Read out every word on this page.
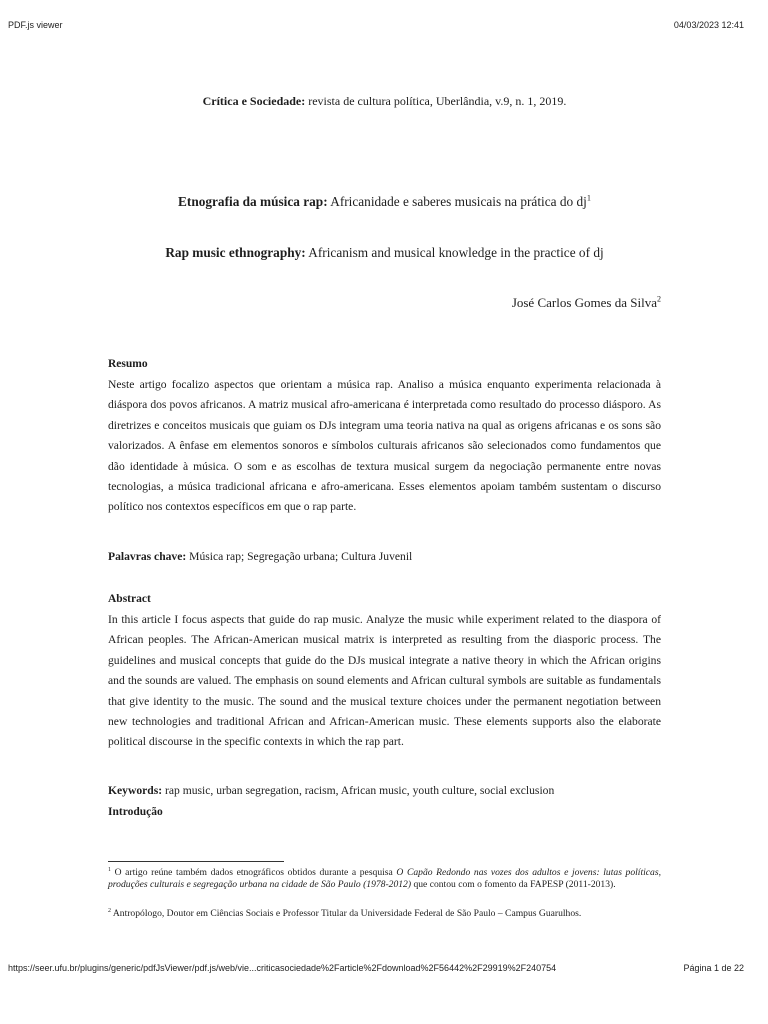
PDF.js viewer	04/03/2023 12:41
Crítica e Sociedade: revista de cultura política, Uberlândia, v.9, n. 1, 2019.
Etnografia da música rap: Africanidade e saberes musicais na prática do $dj^1$
Rap music ethnography: Africanism and musical knowledge in the practice of dj
José Carlos Gomes da Silva$^2$
Resumo

Neste artigo focalizo aspectos que orientam a música rap. Analiso a música enquanto experimenta relacionada à diáspora dos povos africanos. A matriz musical afro-americana é interpretada como resultado do processo diásporo. As diretrizes e conceitos musicais que guiam os DJs integram uma teoria nativa na qual as origens africanas e os sons são valorizados. A ênfase em elementos sonoros e símbolos culturais africanos são selecionados como fundamentos que dão identidade à música. O som e as escolhas de textura musical surgem da negociação permanente entre novas tecnologias, a música tradicional africana e afro-americana. Esses elementos apoiam também sustentam o discurso político nos contextos específicos em que o rap parte.

Palavras chave: Música rap; Segregação urbana; Cultura Juvenil
Abstract

In this article I focus aspects that guide do rap music. Analyze the music while experiment related to the diaspora of African peoples. The African-American musical matrix is interpreted as resulting from the diasporic process. The guidelines and musical concepts that guide do the DJs musical integrate a native theory in which the African origins and the sounds are valued. The emphasis on sound elements and African cultural symbols are suitable as fundamentals that give identity to the music. The sound and the musical texture choices under the permanent negotiation between new technologies and traditional African and African-American music. These elements supports also the elaborate political discourse in the specific contexts in which the rap part.

Keywords: rap music, urban segregation, racism, African music, youth culture, social exclusion
Introdução

$^1$ O artigo reúne também dados etnográficos obtidos durante a pesquisa O Capão Redondo nas vozes dos adultos e jovens: lutas políticas, produções culturais e segregação urbana na cidade de São Paulo (1978-2012) que contou com o fomento da FAPESP (2011-2013).

$^2$ Antropólogo, Doutor em Ciências Sociais e Professor Titular da Universidade Federal de São Paulo – Campus Guarulhos.

https://seer.ufu.br/plugins/generic/pdfJsViewer/pdf.js/web/vie...criticasociedade%2Farticle%2Fdownload%2F56442%2F29919%2F240754	Página 1 de 22
